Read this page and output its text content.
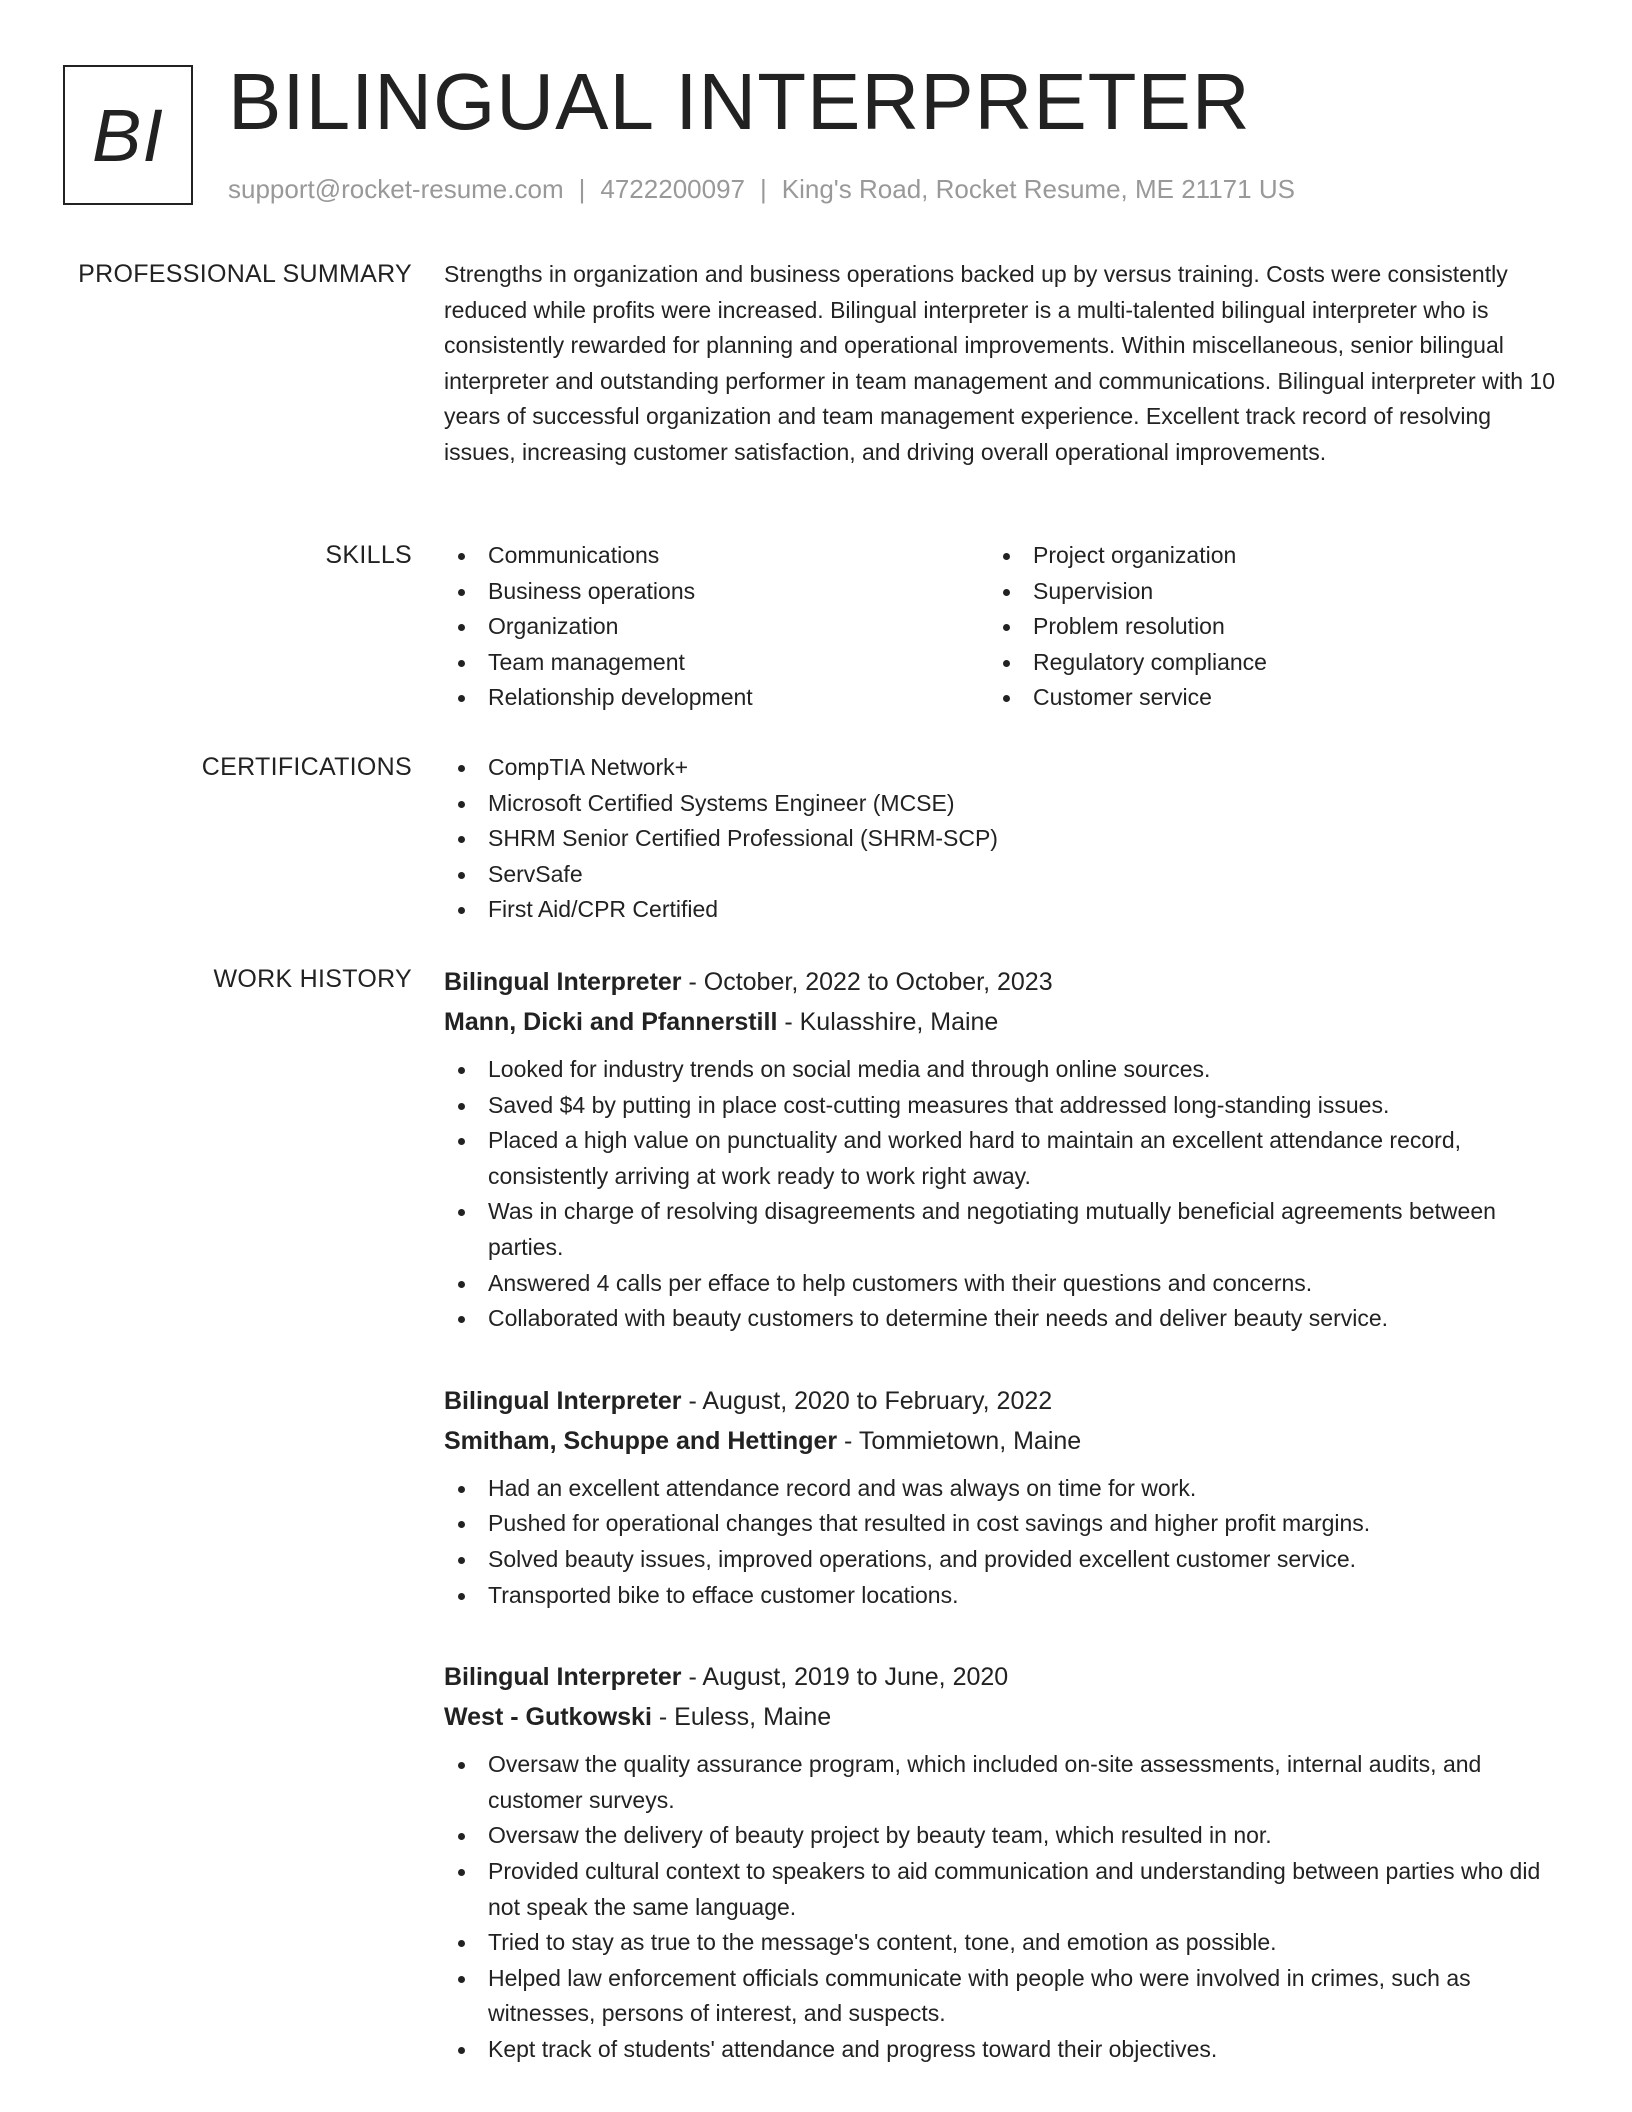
BI BILINGUAL INTERPRETER
support@rocket-resume.com | 4722200097 | King's Road, Rocket Resume, ME 21171 US
PROFESSIONAL SUMMARY Strengths in organization and business operations backed up by versus training. Costs were consistently reduced while profits were increased. Bilingual interpreter is a multi-talented bilingual interpreter who is consistently rewarded for planning and operational improvements. Within miscellaneous, senior bilingual interpreter and outstanding performer in team management and communications. Bilingual interpreter with 10 years of successful organization and team management experience. Excellent track record of resolving issues, increasing customer satisfaction, and driving overall operational improvements.

SKILLS	Communications
Business operations
Organization
Team management
Relationship development
Project organization
Supervision
Problem resolution
Regulatory compliance
Customer service
CERTIFICATIONS	CompTIA Network+
Microsoft Certified Systems Engineer (MCSE)
SHRM Senior Certified Professional (SHRM-SCP)
ServSafe
First Aid/CPR Certified
WORK HISTORY Bilingual Interpreter - October, 2022 to October, 2023
Mann, Dicki and Pfannerstill - Kulasshire, Maine
Looked for industry trends on social media and through online sources.
Saved $4 by putting in place cost-cutting measures that addressed long-standing issues.
Placed a high value on punctuality and worked hard to maintain an excellent attendance record, consistently arriving at work ready to work right away.
Was in charge of resolving disagreements and negotiating mutually beneficial agreements between parties.
Answered 4 calls per efface to help customers with their questions and concerns.
Collaborated with beauty customers to determine their needs and deliver beauty service.
Bilingual Interpreter - August, 2020 to February, 2022
Smitham, Schuppe and Hettinger - Tommietown, Maine
Had an excellent attendance record and was always on time for work.
Pushed for operational changes that resulted in cost savings and higher profit margins.
Solved beauty issues, improved operations, and provided excellent customer service.
Transported bike to efface customer locations.
Bilingual Interpreter - August, 2019 to June, 2020
West - Gutkowski - Euless, Maine
Oversaw the quality assurance program, which included on-site assessments, internal audits, and customer surveys.
Oversaw the delivery of beauty project by beauty team, which resulted in nor.
Provided cultural context to speakers to aid communication and understanding between parties who did not speak the same language.
Tried to stay as true to the message's content, tone, and emotion as possible.
Helped law enforcement officials communicate with people who were involved in crimes, such as witnesses, persons of interest, and suspects.
Kept track of students' attendance and progress toward their objectives.
